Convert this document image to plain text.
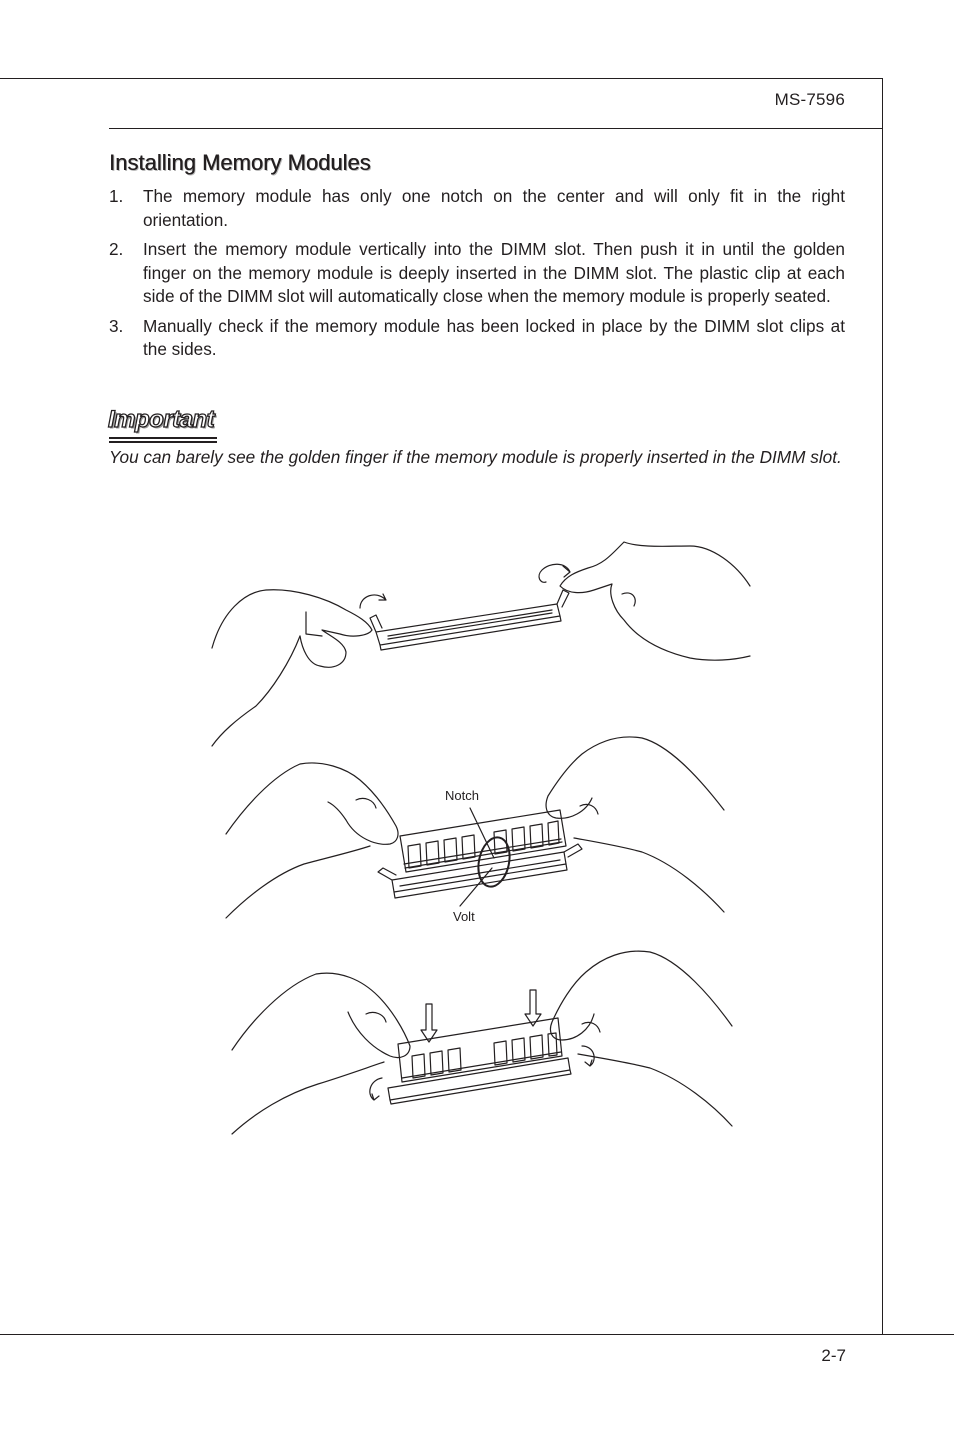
MS-7596
Installing Memory Modules
1.	The memory module has only one notch on the center and will only fit in the right orientation.
2.	Insert the memory module vertically into the DIMM slot. Then push it in until the golden finger on the memory module is deeply inserted in the DIMM slot. The plastic clip at each side of the DIMM slot will automatically close when the memory module is properly seated.
3.	Manually check if the memory module has been locked in place by the DIMM slot clips at the sides.
Important

You can barely see the golden finger if the memory module is properly inserted in the DIMM slot.

Notch
Volt
2-7
